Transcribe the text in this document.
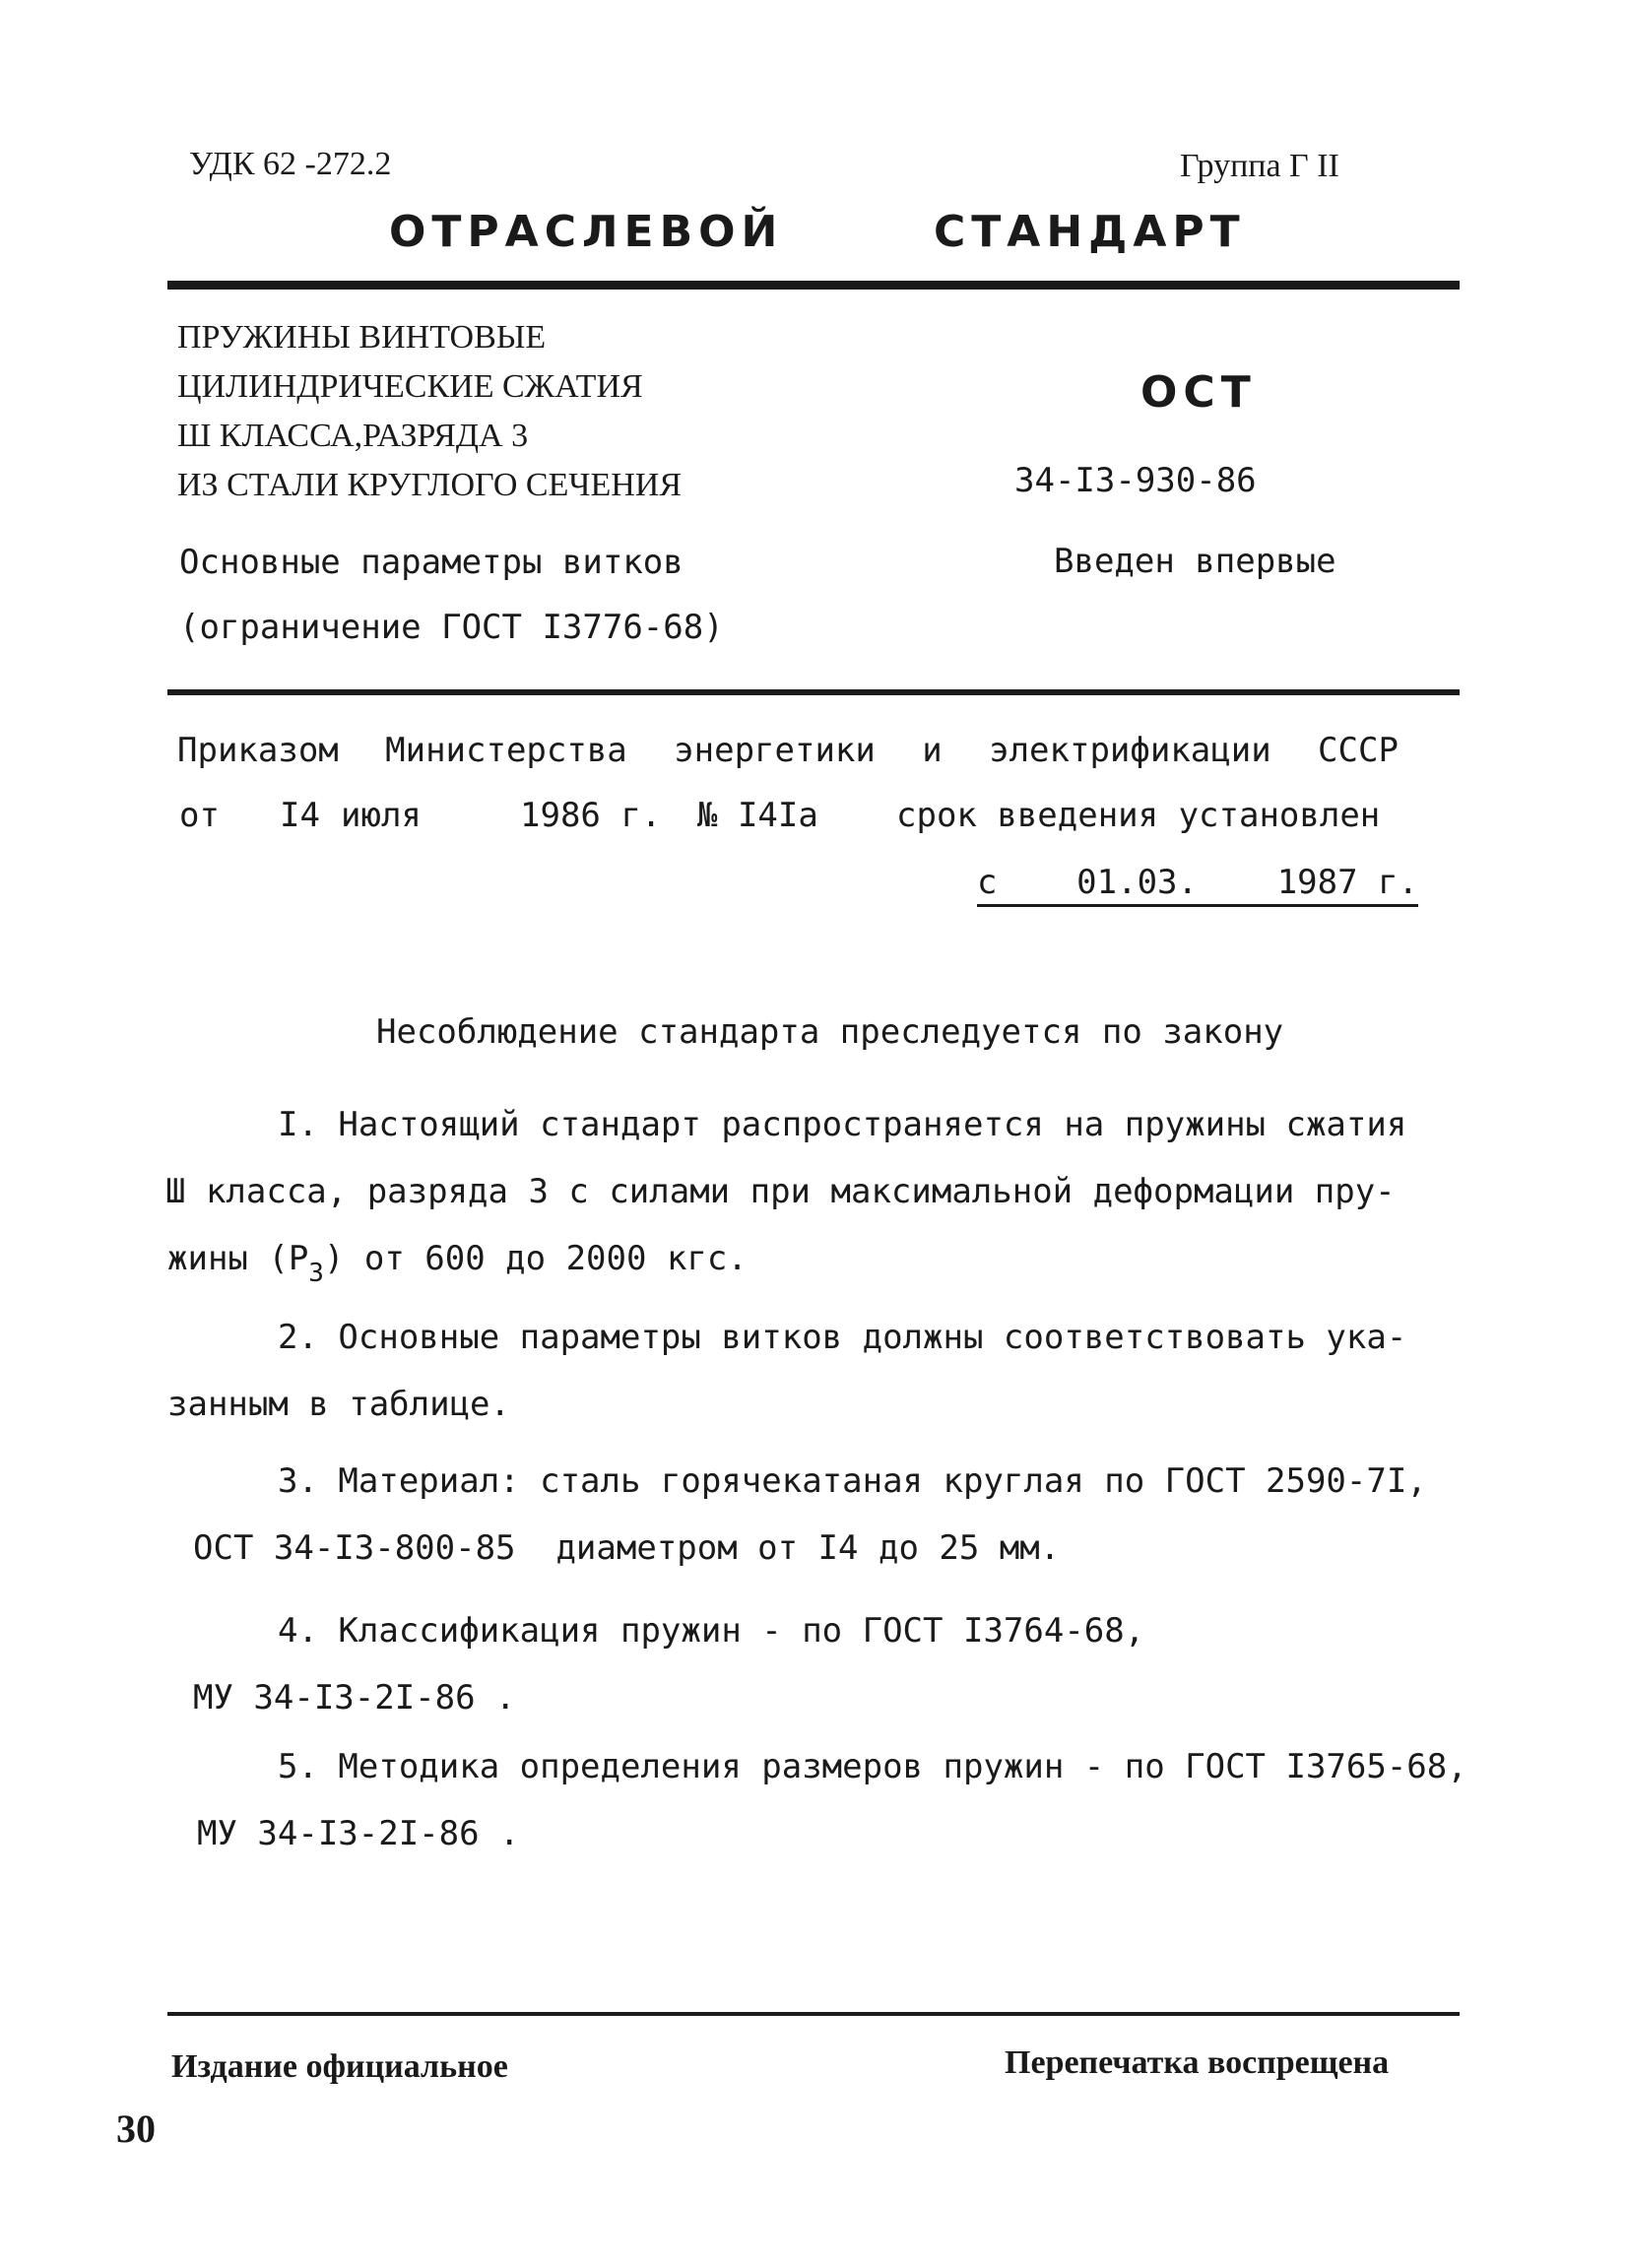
УДК 62 -272.2	Группа Г II
ОТРАСЛЕВОЙ	СТАНДАРТ
ПРУЖИНЫ ВИНТОВЫЕ
ЦИЛИНДРИЧЕСКИЕ СЖАТИЯ
Ш КЛАССА,РАЗРЯДА 3
ИЗ СТАЛИ КРУГЛОГО СЕЧЕНИЯ
Основные параметры витков
(ограничение ГОСТ I3776-68)
ОСТ
34-I3-930-86
Введен впервые
Приказом Министерства энергетики и электрификации СССР
от I4 июля	1986 г. № I4Iа срок введения установлен
с 01.03. 1987 г.
Несоблюдение стандарта преследуется по закону
I. Настоящий стандарт распространяется на пружины сжатия
Ш класса, разряда 3 с силами при максимальной деформации пру-
жины $(Р_3)$ от 600 до 2000 кгс.
2. Основные параметры витков должны соответствовать ука-
занным в таблице.
3. Материал: сталь горячекатаная круглая по ГОСТ 2590-7I,
ОСТ 34-I3-800-85  диаметром от I4 до 25 мм.
4. Классификация пружин - по ГОСТ I3764-68,
МУ 34-I3-2I-86 .
5. Методика определения размеров пружин - по ГОСТ I3765-68,
МУ 34-I3-2I-86 .
Издание официальное	Перепечатка воспрещена
30
